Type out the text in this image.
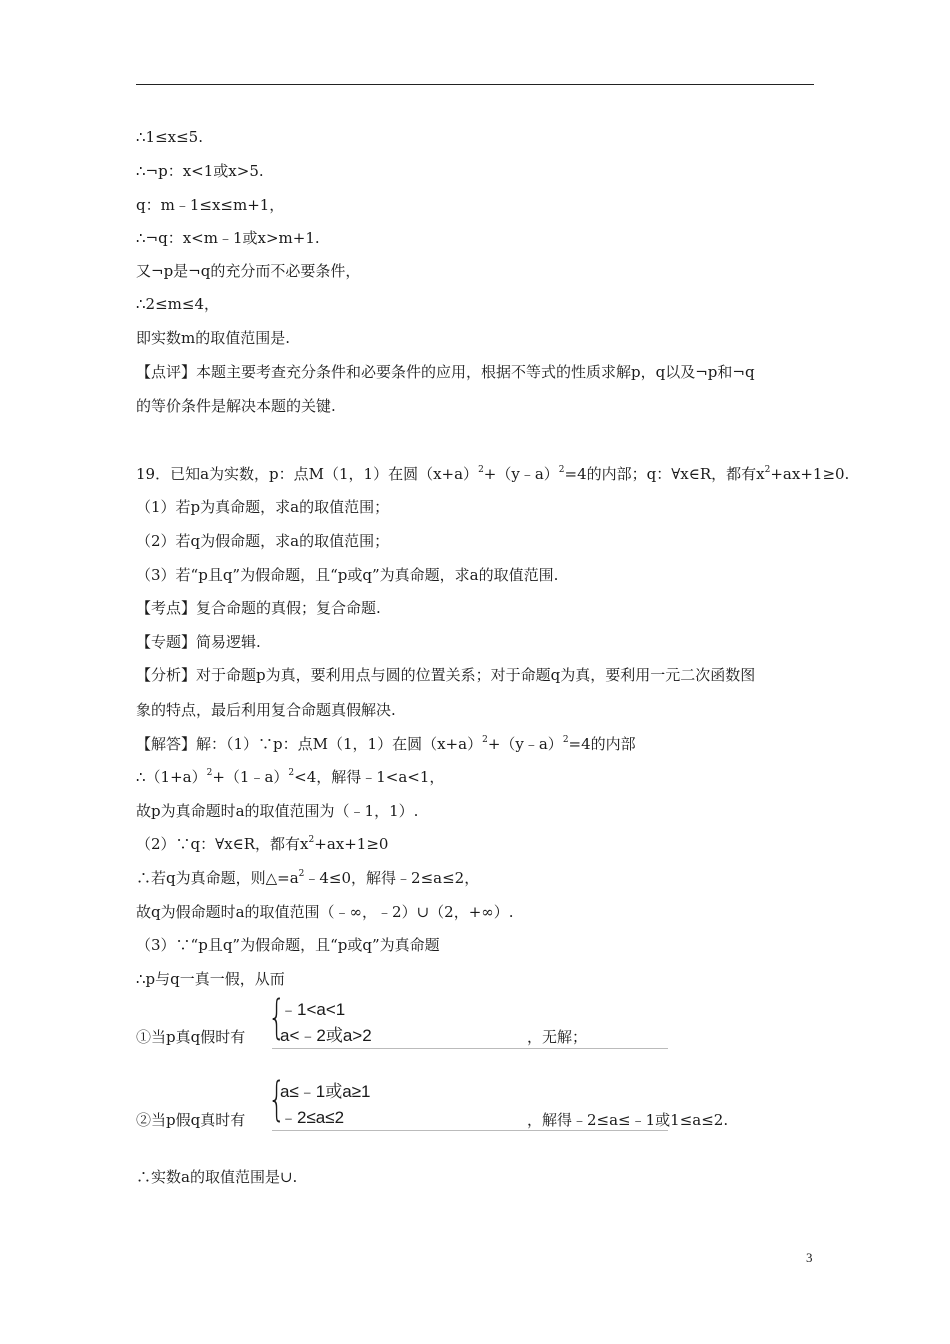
∴1≤x≤5.
∴¬p：x<1或x>5.
q：m﹣1≤x≤m+1，
∴¬q：x<m﹣1或x>m+1.
又¬p是¬q的充分而不必要条件，
∴2≤m≤4，
即实数m的取值范围是.
【点评】本题主要考查充分条件和必要条件的应用，根据不等式的性质求解p，q以及¬p和¬q
的等价条件是解决本题的关键.
19．已知a为实数，p：点M（1，1）在圆$(x+a)^2+(y﹣a)^2=4$的内部；q：∀x∈R，都有$x^2+ax+1\ge 0$.
（1）若p为真命题，求a的取值范围；
（2）若q为假命题，求a的取值范围；
（3）若“p且q”为假命题，且“p或q”为真命题，求a的取值范围.
【考点】复合命题的真假；复合命题.
【专题】简易逻辑.
【分析】对于命题p为真，要利用点与圆的位置关系；对于命题q为真，要利用一元二次函数图
象的特点，最后利用复合命题真假解决.
【解答】解：（1）∵p：点M（1，1）在圆$(x+a)^2+(y﹣a)^2=4$的内部
$\therefore(1+a)^2+(1﹣a)^2<4$，解得﹣1<a<1，
故p为真命题时a的取值范围为（﹣1，1）.
（2）∵q：∀x∈R，都有$x^2+ax+1\ge 0$
∴若q为真命题，则$\triangle=a^2﹣4\le 0$，解得﹣2≤a≤2，
故q为假命题时a的取值范围（﹣∞，﹣2）∪（2，+∞）.
（3）∵“p且q”为假命题，且“p或q”为真命题
∴p与q一真一假，从而
①当p真q假时有 {
﹣1<a<1
a<﹣2或a>2	，无解；
②当p假q真时有 {
a≤﹣1或a≥1
﹣2≤a≤2	，解得﹣2≤a≤﹣1或1≤a≤2.
∴实数a的取值范围是∪.
3
